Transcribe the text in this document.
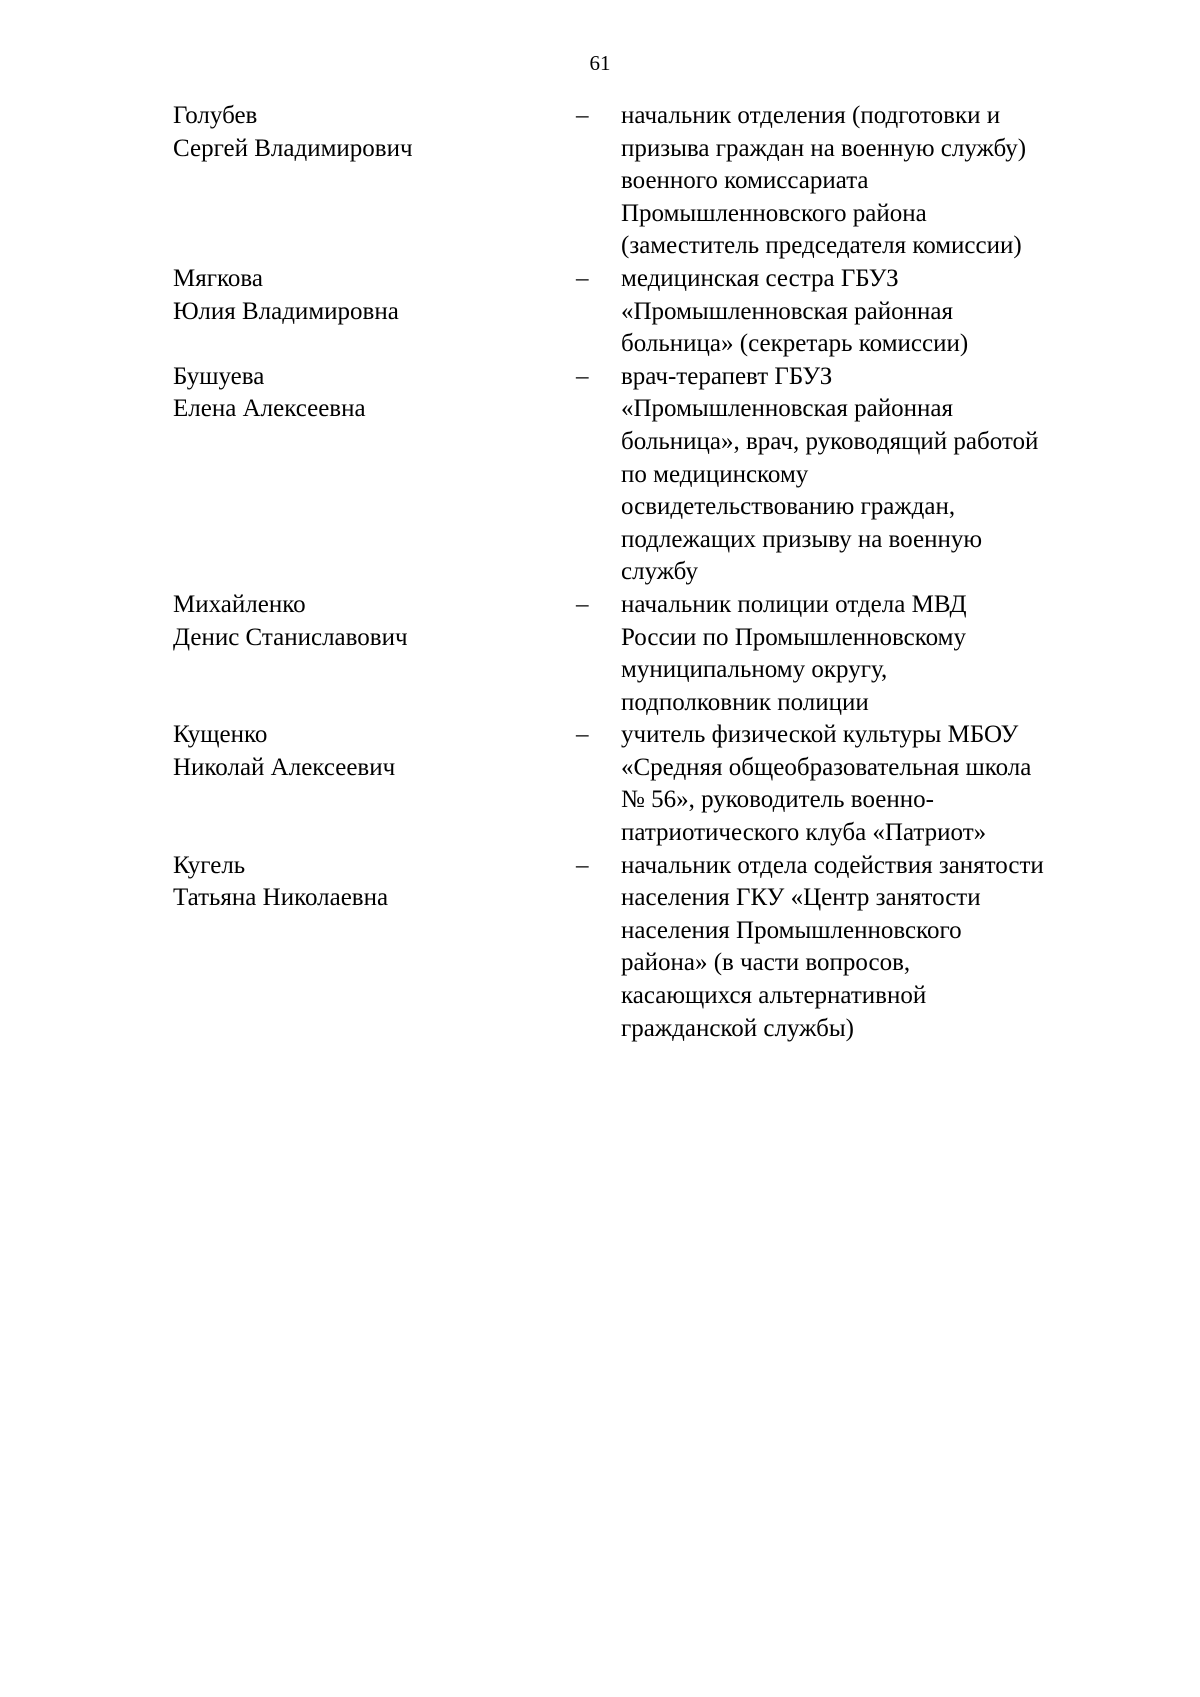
61
Голубев
Сергей Владимирович
–	начальник отделения (подготовки и
призыва граждан на военную службу)
военного комиссариата
Промышленновского района
(заместитель председателя комиссии)
Мягкова
Юлия Владимировна
–	медицинская сестра ГБУЗ
«Промышленновская районная
больница» (секретарь комиссии)
Бушуева
Елена Алексеевна
–	врач-терапевт ГБУЗ
«Промышленновская районная
больница», врач, руководящий работой
по медицинскому
освидетельствованию граждан,
подлежащих призыву на военную
службу
Михайленко
Денис Станиславович
–	начальник полиции отдела МВД
России по Промышленновскому
муниципальному округу,
подполковник полиции
Кущенко
Николай Алексеевич
–	учитель физической культуры МБОУ
«Средняя общеобразовательная школа
№ 56», руководитель военно-
патриотического клуба «Патриот»
Кугель
Татьяна Николаевна
–	начальник отдела содействия занятости
населения ГКУ «Центр занятости
населения Промышленновского
района» (в части вопросов,
касающихся альтернативной
гражданской службы)
